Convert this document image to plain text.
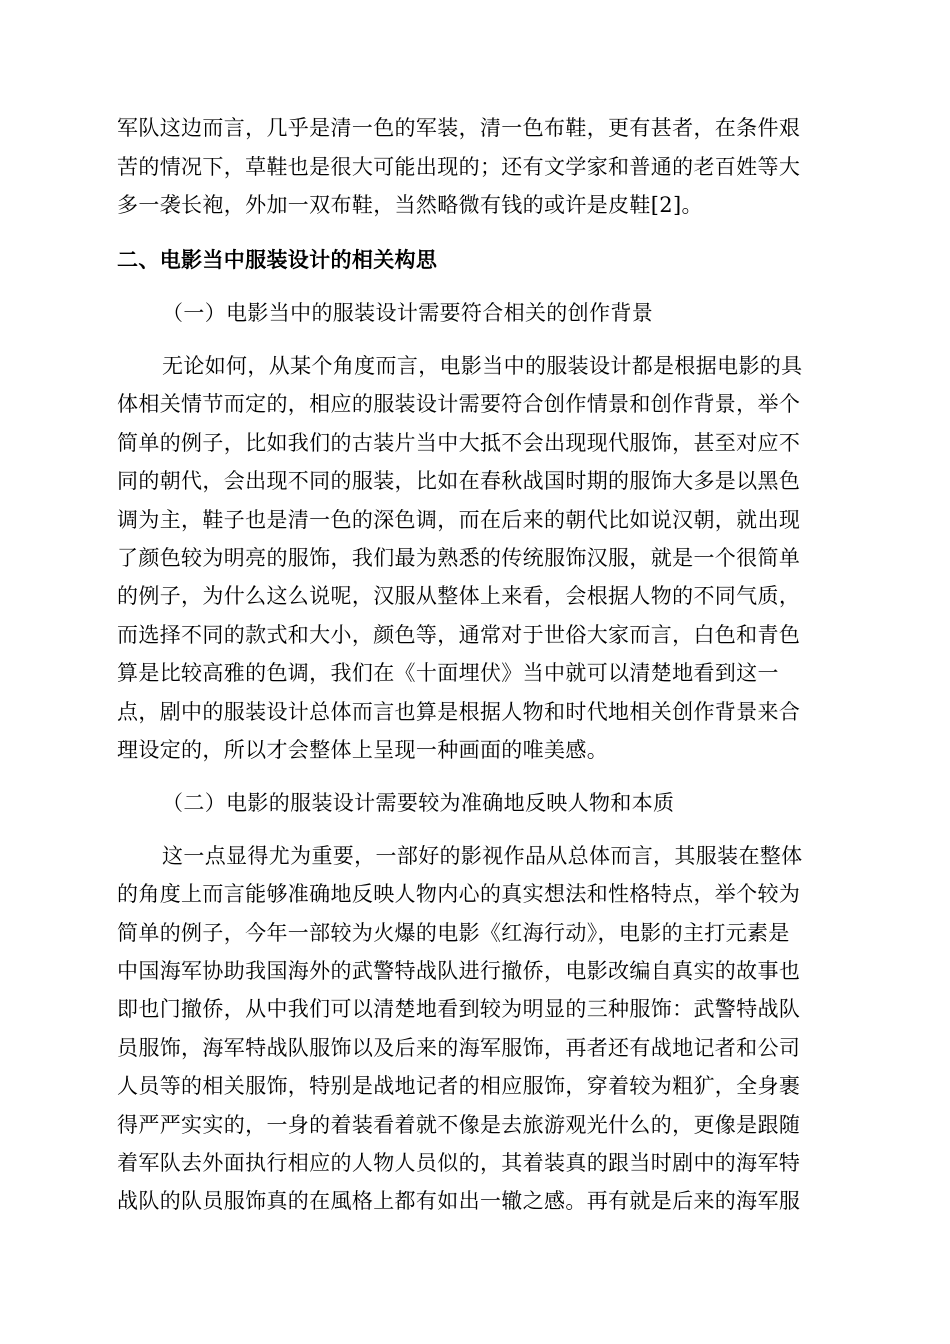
军队这边而言，几乎是清一色的军装，清一色布鞋，更有甚者，在条件艰
苦的情况下，草鞋也是很大可能出现的；还有文学家和普通的老百姓等大
多一袭长袍，外加一双布鞋，当然略微有钱的或许是皮鞋[2]。
二、电影当中服装设计的相关构思
（一）电影当中的服装设计需要符合相关的创作背景
无论如何，从某个角度而言，电影当中的服装设计都是根据电影的具
体相关情节而定的，相应的服装设计需要符合创作情景和创作背景，举个
简单的例子，比如我们的古装片当中大抵不会出现现代服饰，甚至对应不
同的朝代，会出现不同的服装，比如在春秋战国时期的服饰大多是以黑色
调为主，鞋子也是清一色的深色调，而在后来的朝代比如说汉朝，就出现
了颜色较为明亮的服饰，我们最为熟悉的传统服饰汉服，就是一个很简单
的例子，为什么这么说呢，汉服从整体上来看，会根据人物的不同气质，
而选择不同的款式和大小，颜色等，通常对于世俗大家而言，白色和青色
算是比较高雅的色调，我们在《十面埋伏》当中就可以清楚地看到这一
点，剧中的服装设计总体而言也算是根据人物和时代地相关创作背景来合
理设定的，所以才会整体上呈现一种画面的唯美感。
（二）电影的服装设计需要较为准确地反映人物和本质
这一点显得尤为重要，一部好的影视作品从总体而言，其服装在整体
的角度上而言能够准确地反映人物内心的真实想法和性格特点，举个较为
简单的例子，今年一部较为火爆的电影《红海行动》，电影的主打元素是
中国海军协助我国海外的武警特战队进行撤侨，电影改编自真实的故事也
即也门撤侨，从中我们可以清楚地看到较为明显的三种服饰：武警特战队
员服饰，海军特战队服饰以及后来的海军服饰，再者还有战地记者和公司
人员等的相关服饰，特别是战地记者的相应服饰，穿着较为粗犷，全身裹
得严严实实的，一身的着装看着就不像是去旅游观光什么的，更像是跟随
着军队去外面执行相应的人物人员似的，其着装真的跟当时剧中的海军特
战队的队员服饰真的在風格上都有如出一辙之感。再有就是后来的海军服
